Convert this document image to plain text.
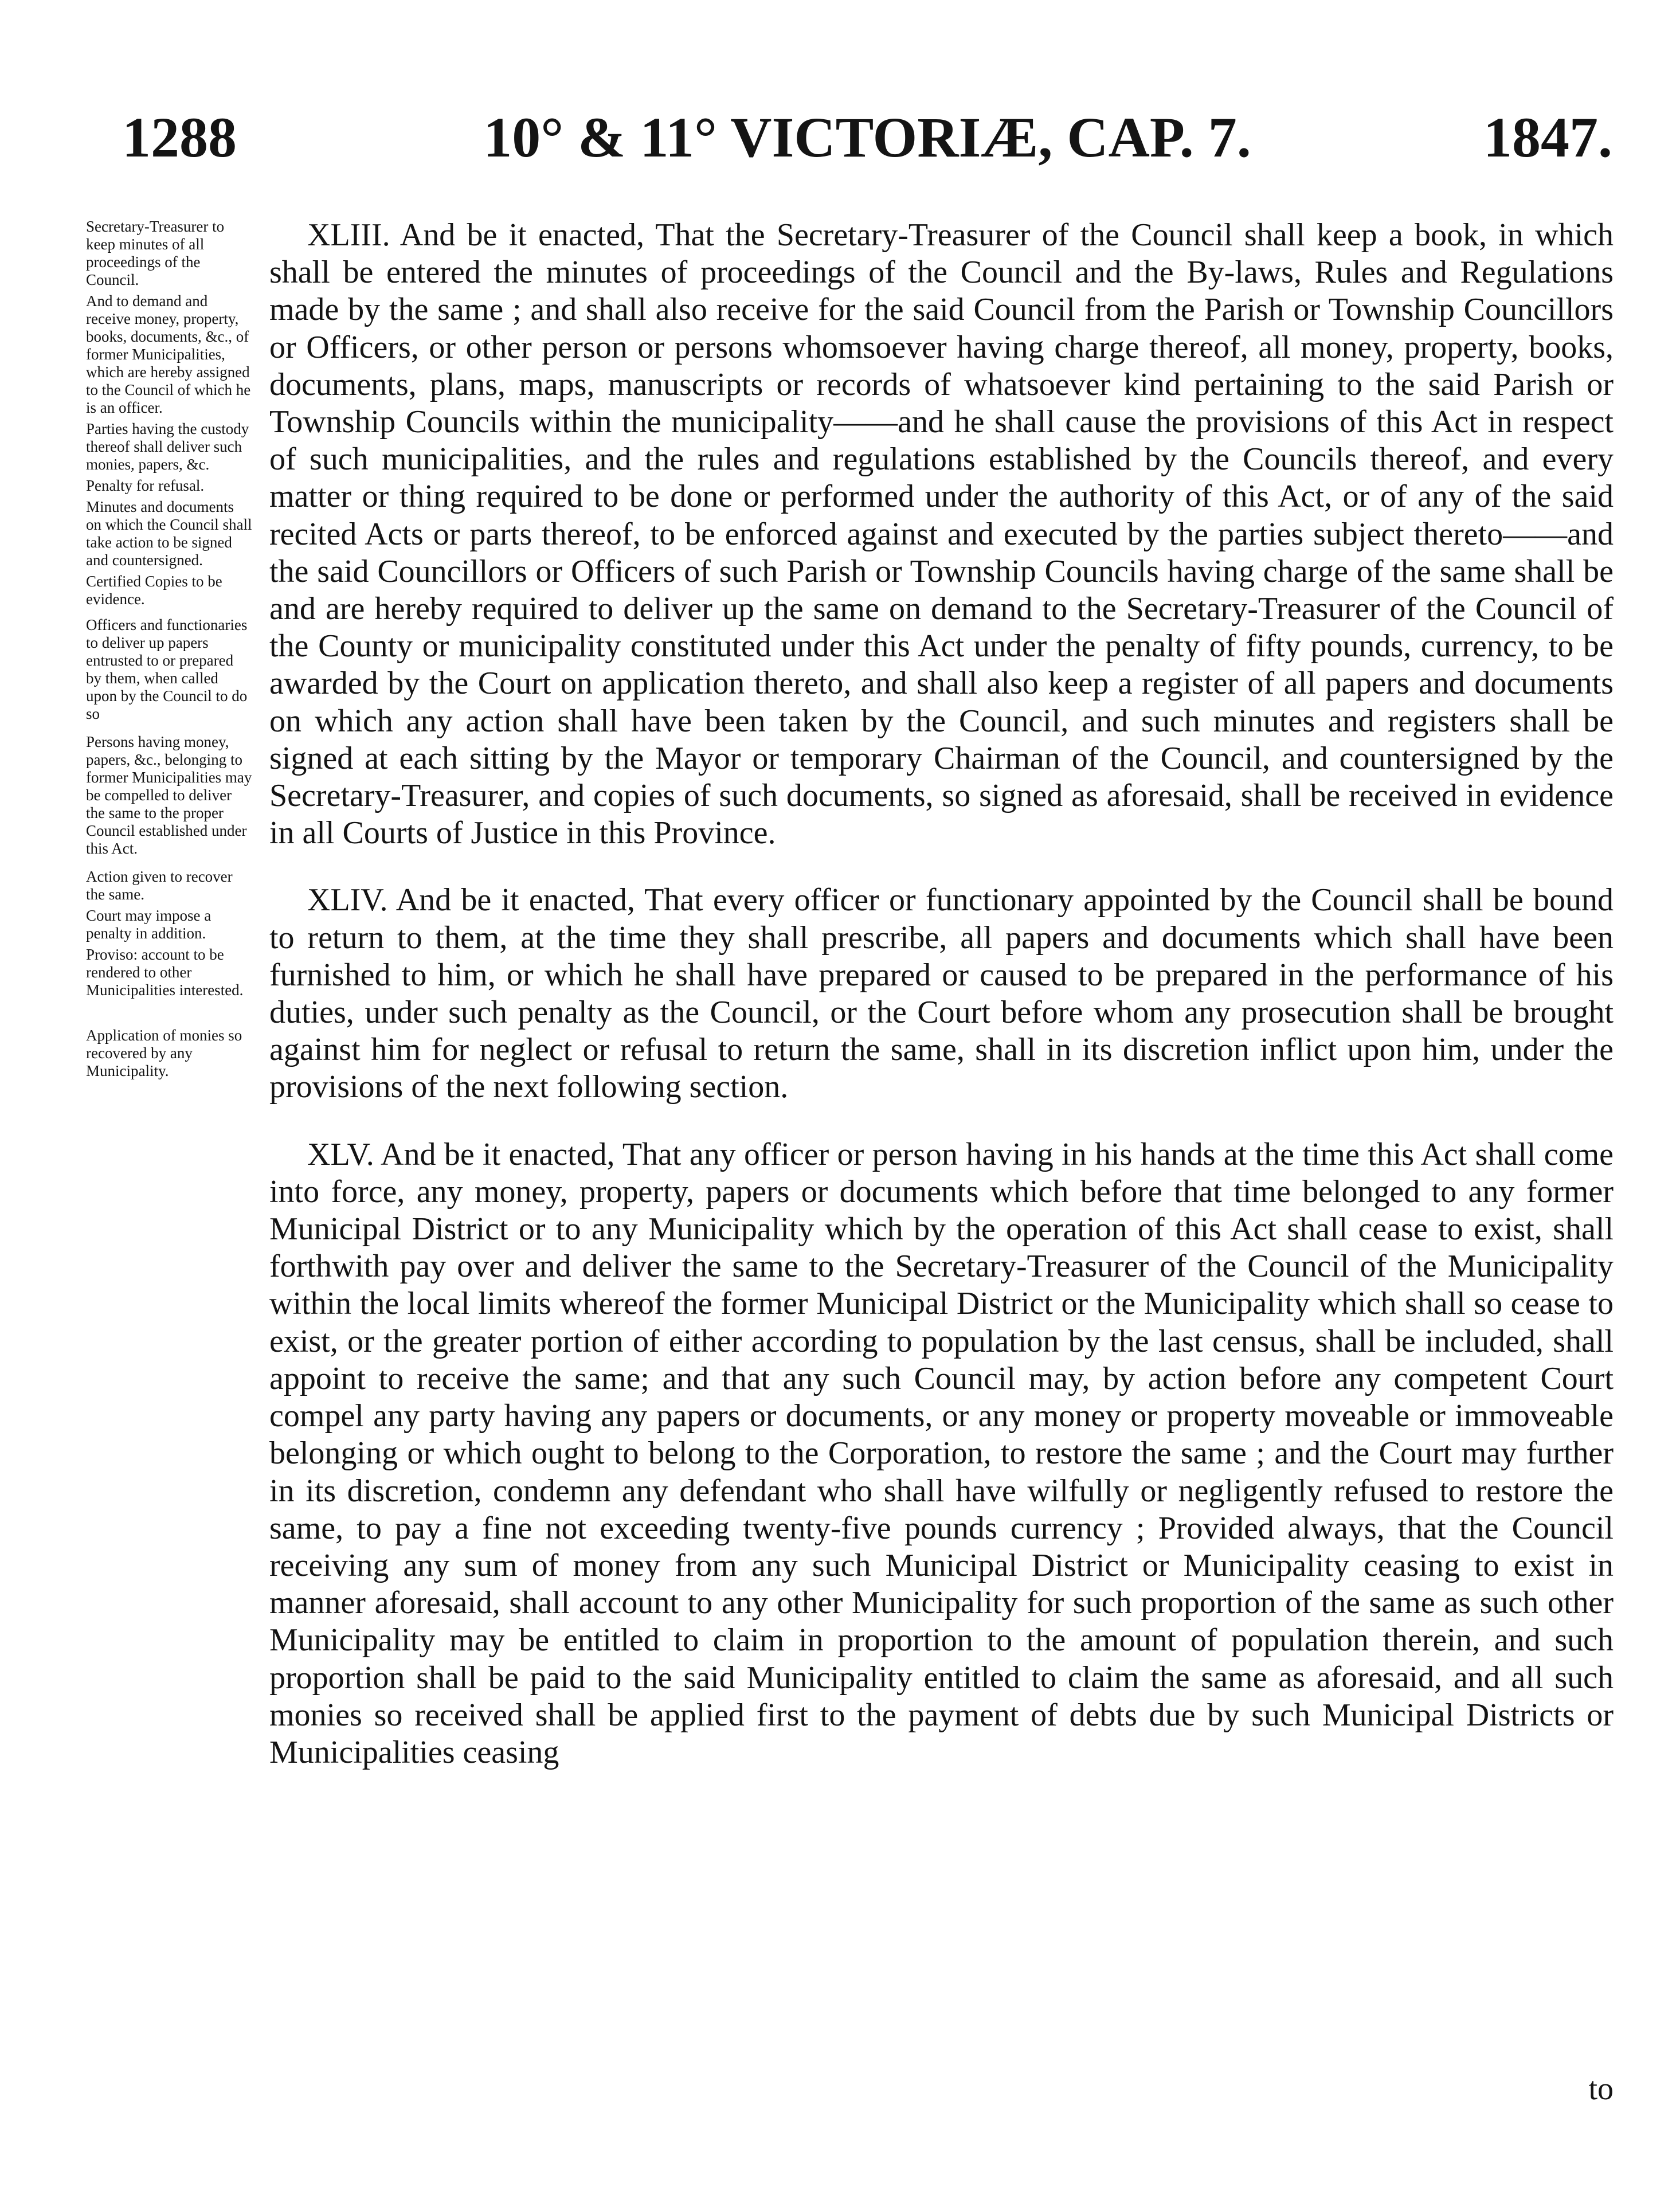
1288	10° & 11° VICTORIÆ, CAP. 7.	1847.

Secretary-Treasurer to keep minutes of all proceedings of the Council.

And to demand and receive money, property, books, documents, &c., of former Municipalities, which are hereby assigned to the Council of which he is an officer.

Parties having the custody thereof shall deliver such monies, papers, &c.

Penalty for refusal.

Minutes and documents on which the Council shall take action to be signed and countersigned.

Certified Copies to be evidence.

Officers and functionaries to deliver up papers entrusted to or prepared by them, when called upon by the Council to do so

Persons having money, papers, &c., belonging to former Municipalities may be compelled to deliver the same to the proper Council established under this Act.

Action given to recover the same.

Court may impose a penalty in addition.

Proviso: account to be rendered to other Municipalities interested.

Application of monies so recovered by any Municipality.

XLIII. And be it enacted, That the Secretary-Treasurer of the Council shall keep a book, in which shall be entered the minutes of proceedings of the Council and the By-laws, Rules and Regulations made by the same ; and shall also receive for the said Council from the Parish or Township Councillors or Officers, or other person or persons whomsoever having charge thereof, all money, property, books, documents, plans, maps, manuscripts or records of whatsoever kind pertaining to the said Parish or Township Councils within the municipality——and he shall cause the provisions of this Act in respect of such municipalities, and the rules and regulations established by the Councils thereof, and every matter or thing required to be done or performed under the authority of this Act, or of any of the said recited Acts or parts thereof, to be enforced against and executed by the parties subject thereto——and the said Councillors or Officers of such Parish or Township Councils having charge of the same shall be and are hereby required to deliver up the same on demand to the Secretary-Treasurer of the Council of the County or municipality constituted under this Act under the penalty of fifty pounds, currency, to be awarded by the Court on application thereto, and shall also keep a register of all papers and documents on which any action shall have been taken by the Council, and such minutes and registers shall be signed at each sitting by the Mayor or temporary Chairman of the Council, and countersigned by the Secretary-Treasurer, and copies of such documents, so signed as aforesaid, shall be received in evidence in all Courts of Justice in this Province.

XLIV. And be it enacted, That every officer or functionary appointed by the Council shall be bound to return to them, at the time they shall prescribe, all papers and documents which shall have been furnished to him, or which he shall have prepared or caused to be prepared in the performance of his duties, under such penalty as the Council, or the Court before whom any prosecution shall be brought against him for neglect or refusal to return the same, shall in its discretion inflict upon him, under the provisions of the next following section.

XLV. And be it enacted, That any officer or person having in his hands at the time this Act shall come into force, any money, property, papers or documents which before that time belonged to any former Municipal District or to any Municipality which by the operation of this Act shall cease to exist, shall forthwith pay over and deliver the same to the Secretary-Treasurer of the Council of the Municipality within the local limits whereof the former Municipal District or the Municipality which shall so cease to exist, or the greater portion of either according to population by the last census, shall be included, shall appoint to receive the same; and that any such Council may, by action before any competent Court compel any party having any papers or documents, or any money or property moveable or immoveable belonging or which ought to belong to the Corporation, to restore the same ; and the Court may further in its discretion, condemn any defendant who shall have wilfully or negligently refused to restore the same, to pay a fine not exceeding twenty-five pounds currency ; Provided always, that the Council receiving any sum of money from any such Municipal District or Municipality ceasing to exist in manner aforesaid, shall account to any other Municipality for such proportion of the same as such other Municipality may be entitled to claim in proportion to the amount of population therein, and such proportion shall be paid to the said Municipality entitled to claim the same as aforesaid, and all such monies so received shall be applied first to the payment of debts due by such Municipal Districts or Municipalities ceasing

to
